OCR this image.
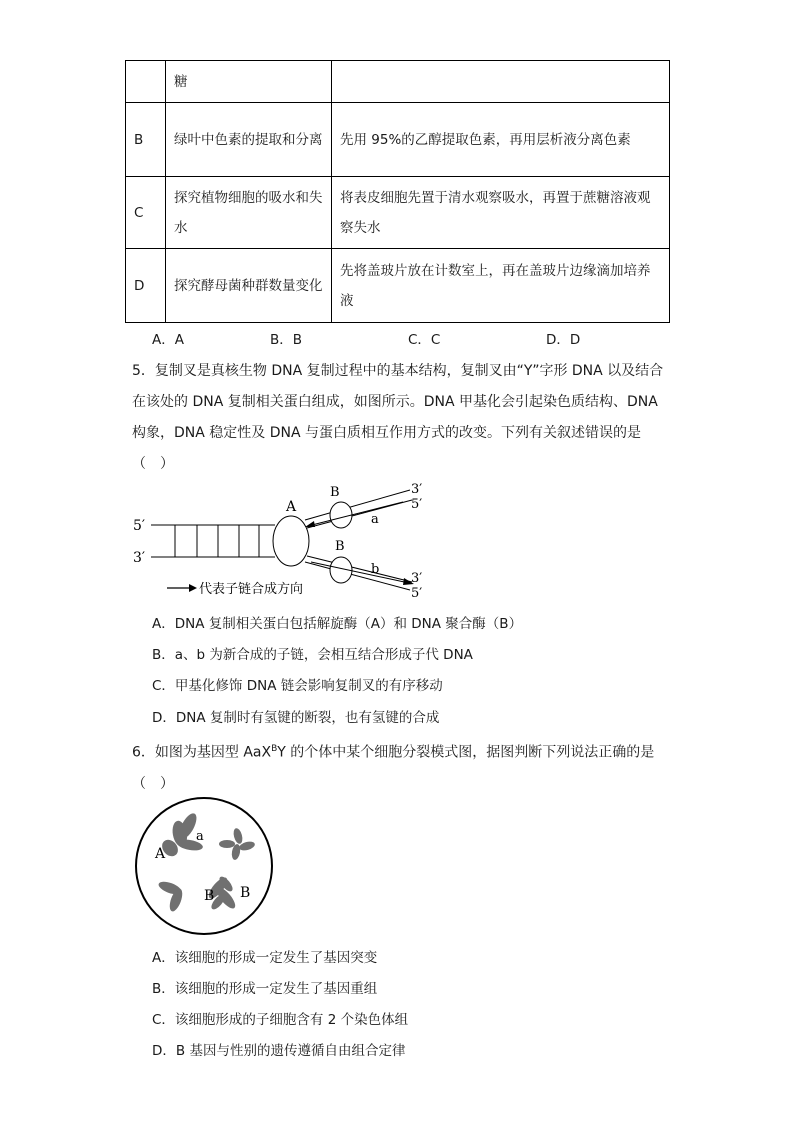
	糖	
B	绿叶中色素的提取和分离	先用 95%的乙醇提取色素，再用层析液分离色素
C	探究植物细胞的吸水和失水	将表皮细胞先置于清水观察吸水，再置于蔗糖溶液观察失水
D	探究酵母菌种群数量变化	先将盖玻片放在计数室上，再在盖玻片边缘滴加培养液
A．A	B．B	C．C	D．D
5．复制叉是真核生物 DNA 复制过程中的基本结构，复制叉由“Y”字形 DNA 以及结合
在该处的 DNA 复制相关蛋白组成，如图所示。DNA 甲基化会引起染色质结构、DNA
构象，DNA 稳定性及 DNA 与蛋白质相互作用方式的改变。下列有关叙述错误的是
（　）
5′
3′
A
B
a
B
b
3′
5′
3′
5′
代表子链合成方向
A．DNA 复制相关蛋白包括解旋酶（A）和 DNA 聚合酶（B）
B．a、b 为新合成的子链，会相互结合形成子代 DNA
C．甲基化修饰 DNA 链会影响复制叉的有序移动
D．DNA 复制时有氢键的断裂，也有氢键的合成
6．如图为基因型 AaX$^B$Y 的个体中某个细胞分裂模式图，据图判断下列说法正确的是
（　）
A
a
B B
A．该细胞的形成一定发生了基因突变
B．该细胞的形成一定发生了基因重组
C．该细胞形成的子细胞含有 2 个染色体组
D．B 基因与性别的遗传遵循自由组合定律
